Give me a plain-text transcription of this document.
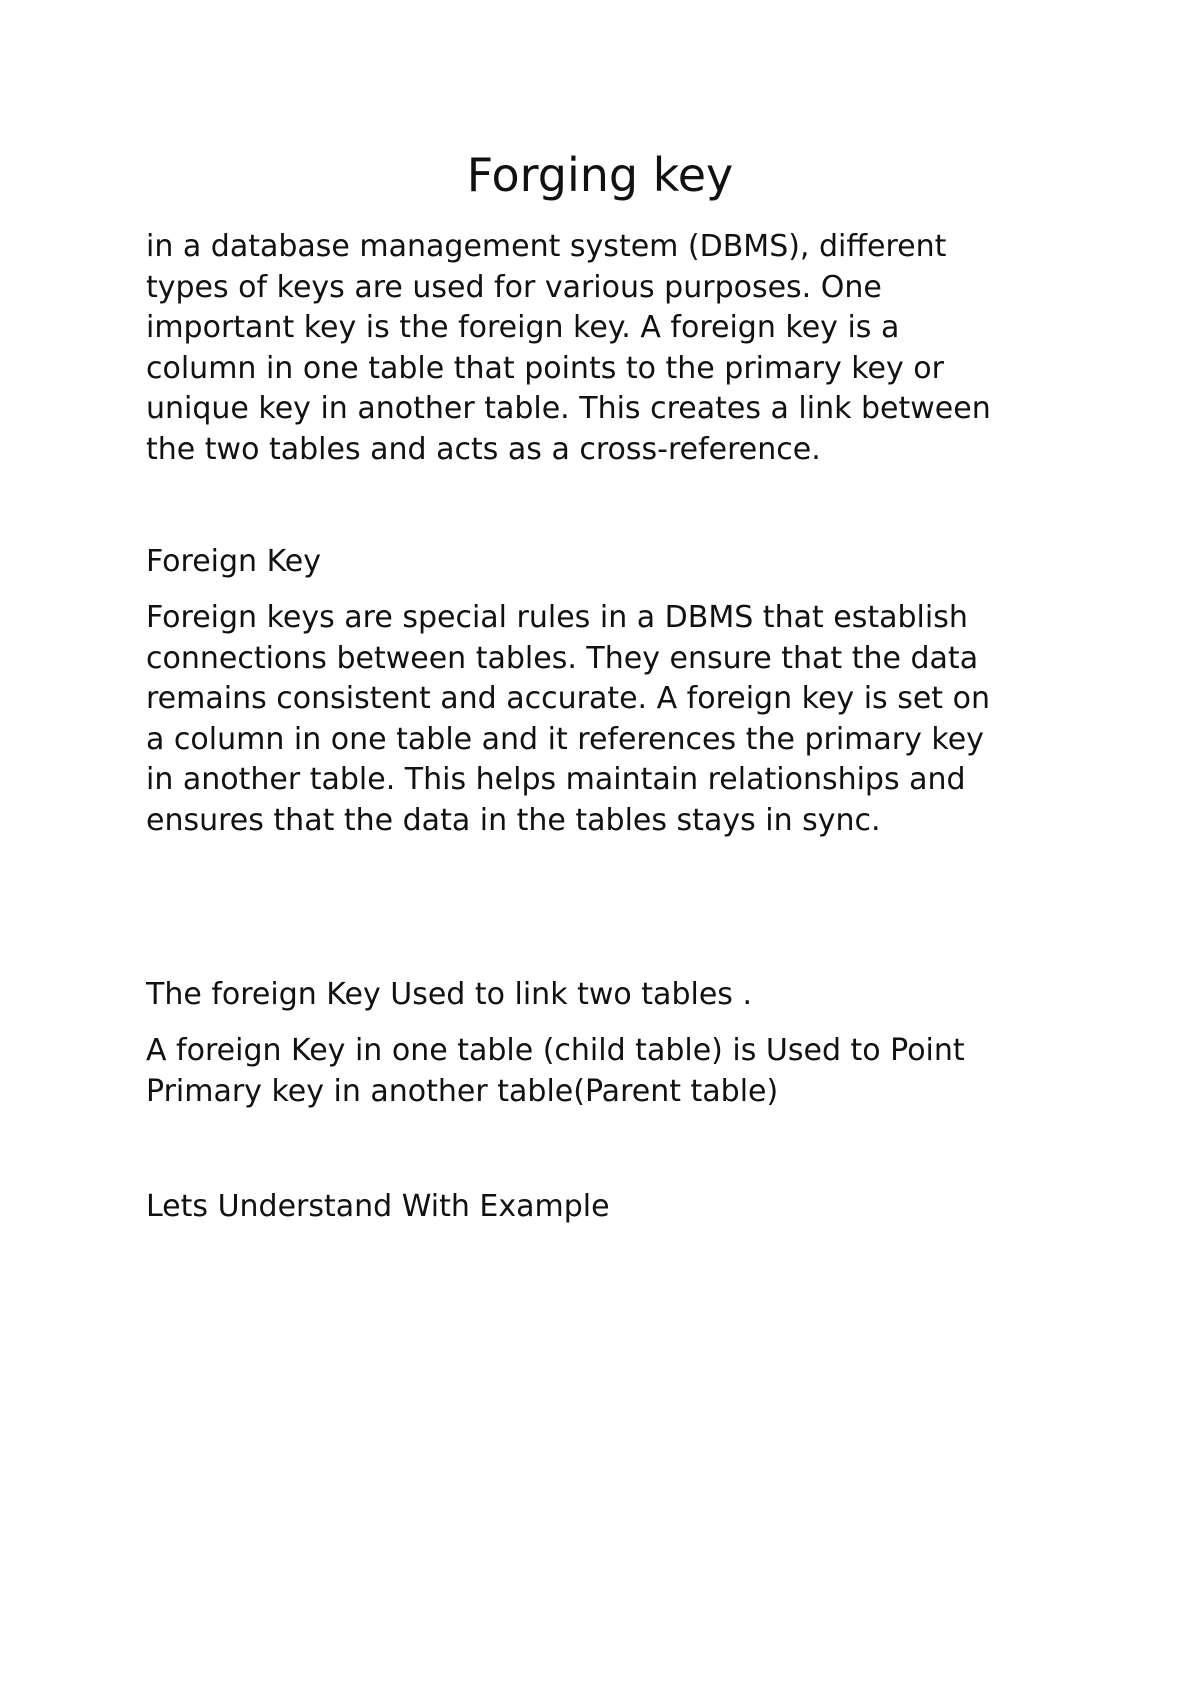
Forging key
in a database management system (DBMS), different
types of keys are used for various purposes. One
important key is the foreign key. A foreign key is a
column in one table that points to the primary key or
unique key in another table. This creates a link between
the two tables and acts as a cross-reference.
Foreign Key
Foreign keys are special rules in a DBMS that establish
connections between tables. They ensure that the data
remains consistent and accurate. A foreign key is set on
a column in one table and it references the primary key
in another table. This helps maintain relationships and
ensures that the data in the tables stays in sync.
The foreign Key Used to link two tables .
A foreign Key in one table (child table) is Used to Point
Primary key in another table(Parent table)
Lets Understand With Example
